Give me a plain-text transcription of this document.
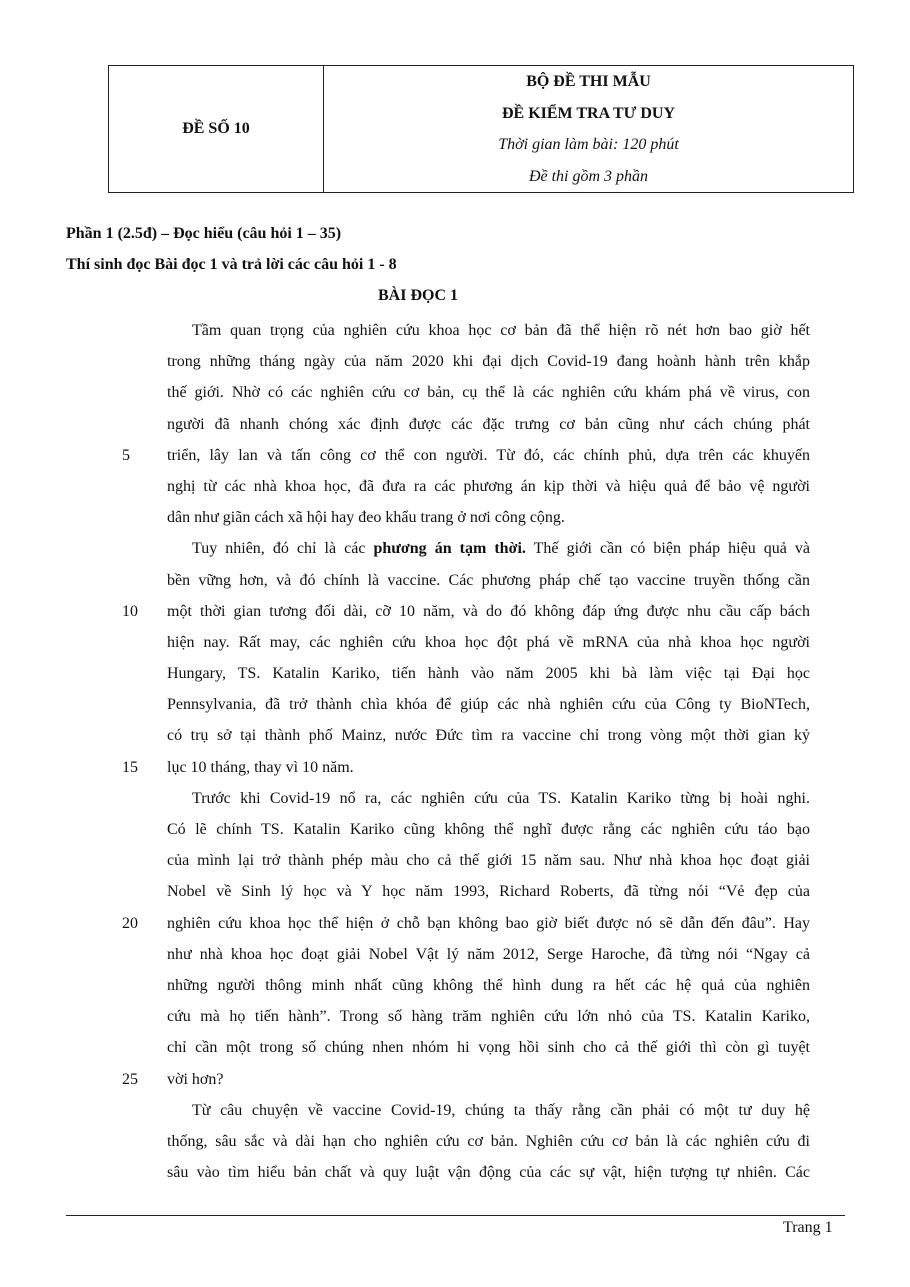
ĐỀ SỐ 10	
BỘ ĐỀ THI MẪU
ĐỀ KIỂM TRA TƯ DUY
Thời gian làm bài: 120 phút
Đề thi gồm 3 phần
Phần 1 (2.5đ) – Đọc hiểu (câu hỏi 1 – 35)
Thí sinh đọc Bài đọc 1 và trả lời các câu hỏi 1 - 8
BÀI ĐỌC 1
Tầm quan trọng của nghiên cứu khoa học cơ bản đã thể hiện rõ nét hơn bao giờ hết
trong những tháng ngày của năm 2020 khi đại dịch Covid-19 đang hoành hành trên khắp
thế giới. Nhờ có các nghiên cứu cơ bản, cụ thể là các nghiên cứu khám phá về virus, con
người đã nhanh chóng xác định được các đặc trưng cơ bản cũng như cách chúng phát
5	triển, lây lan và tấn công cơ thể con người. Từ đó, các chính phủ, dựa trên các khuyến
nghị từ các nhà khoa học, đã đưa ra các phương án kịp thời và hiệu quả để bảo vệ người
dân như giãn cách xã hội hay đeo khẩu trang ở nơi công cộng.
Tuy nhiên, đó chỉ là các phương án tạm thời. Thế giới cần có biện pháp hiệu quả và
bền vững hơn, và đó chính là vaccine. Các phương pháp chế tạo vaccine truyền thống cần
10 một thời gian tương đối dài, cỡ 10 năm, và do đó không đáp ứng được nhu cầu cấp bách
hiện nay. Rất may, các nghiên cứu khoa học đột phá về mRNA của nhà khoa học người
Hungary, TS. Katalin Kariko, tiến hành vào năm 2005 khi bà làm việc tại Đại học
Pennsylvania, đã trở thành chìa khóa để giúp các nhà nghiên cứu của Công ty BioNTech,
có trụ sở tại thành phố Mainz, nước Đức tìm ra vaccine chỉ trong vòng một thời gian kỷ
15 lục 10 tháng, thay vì 10 năm.
Trước khi Covid-19 nổ ra, các nghiên cứu của TS. Katalin Kariko từng bị hoài nghi.
Có lẽ chính TS. Katalin Kariko cũng không thể nghĩ được rằng các nghiên cứu táo bạo
của mình lại trở thành phép màu cho cả thế giới 15 năm sau. Như nhà khoa học đoạt giải
Nobel về Sinh lý học và Y học năm 1993, Richard Roberts, đã từng nói “Vẻ đẹp của
20 nghiên cứu khoa học thể hiện ở chỗ bạn không bao giờ biết được nó sẽ dẫn đến đâu”. Hay
như nhà khoa học đoạt giải Nobel Vật lý năm 2012, Serge Haroche, đã từng nói “Ngay cả
những người thông minh nhất cũng không thể hình dung ra hết các hệ quả của nghiên
cứu mà họ tiến hành”. Trong số hàng trăm nghiên cứu lớn nhỏ của TS. Katalin Kariko,
chỉ cần một trong số chúng nhen nhóm hi vọng hồi sinh cho cả thế giới thì còn gì tuyệt
25 vời hơn?
Từ câu chuyện về vaccine Covid-19, chúng ta thấy rằng cần phải có một tư duy hệ
thống, sâu sắc và dài hạn cho nghiên cứu cơ bản. Nghiên cứu cơ bản là các nghiên cứu đi
sâu vào tìm hiểu bản chất và quy luật vận động của các sự vật, hiện tượng tự nhiên. Các
Trang 1
